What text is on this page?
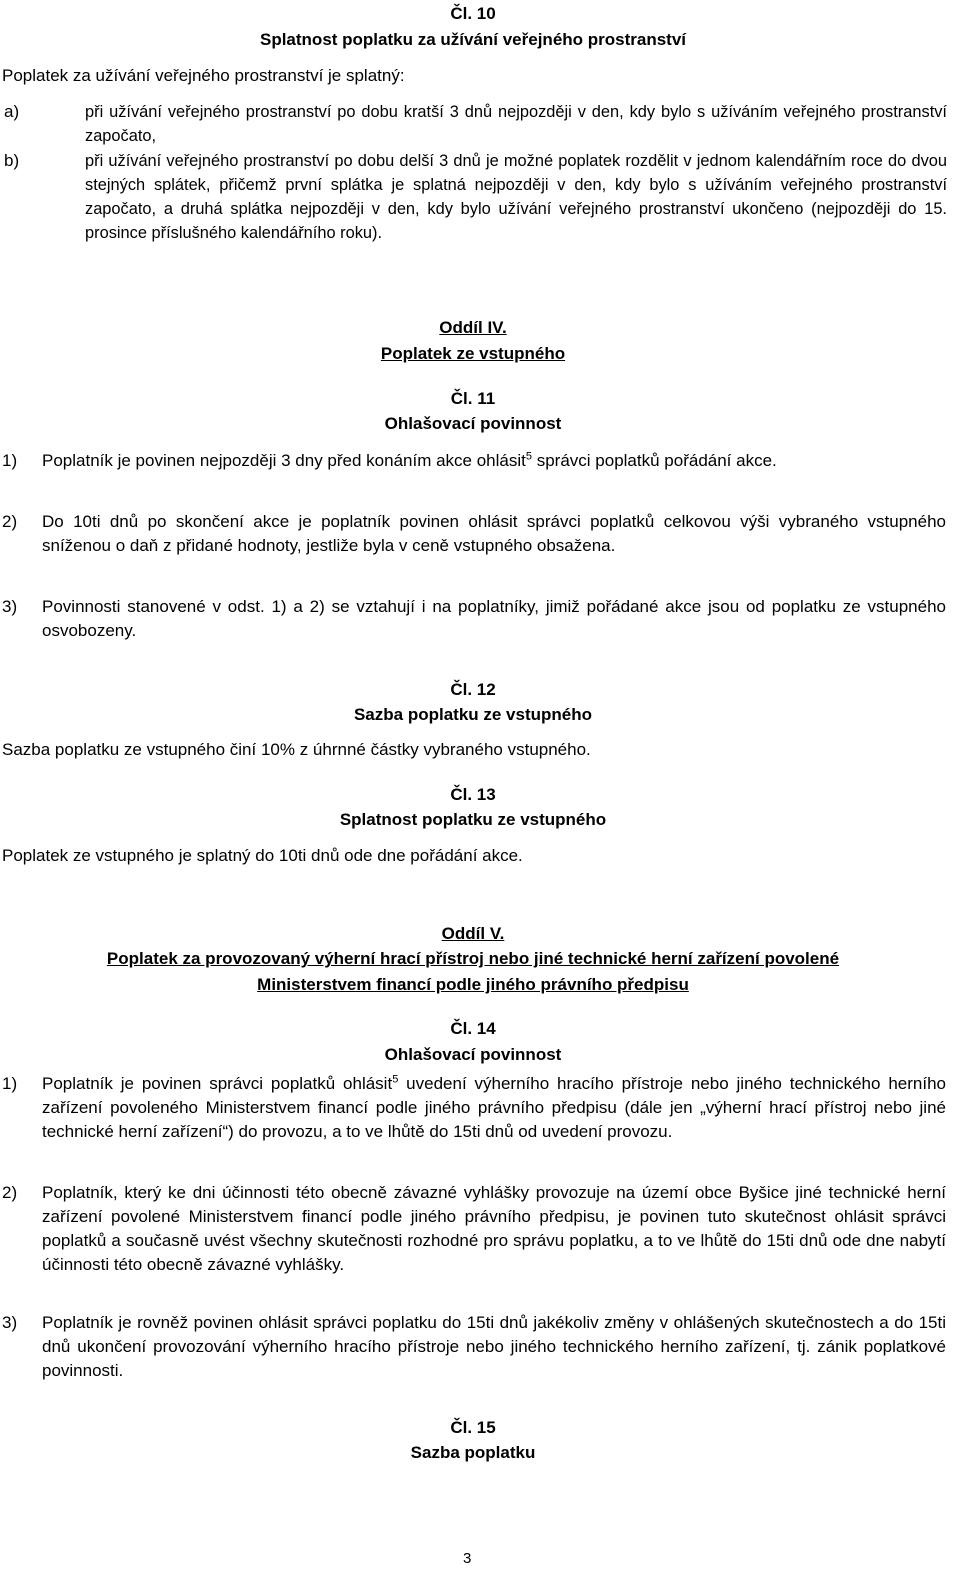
Čl. 10
Splatnost poplatku za užívání veřejného prostranství
Poplatek za užívání veřejného prostranství je splatný:
a)	při užívání veřejného prostranství po dobu kratší 3 dnů nejpozději v den, kdy bylo s užíváním veřejného prostranství započato,
b)	při užívání veřejného prostranství po dobu delší 3 dnů je možné poplatek rozdělit v jednom kalendářním roce do dvou stejných splátek, přičemž první splátka je splatná nejpozději v den, kdy bylo s užíváním veřejného prostranství započato, a druhá splátka nejpozději v den, kdy bylo užívání veřejného prostranství ukončeno (nejpozději do 15. prosince příslušného kalendářního roku).
Oddíl IV.
Poplatek ze vstupného
Čl. 11
Ohlašovací povinnost
1) Poplatník je povinen nejpozději 3 dny před konáním akce ohlásit$^5$ správci poplatků pořádání akce.
2) Do 10ti dnů po skončení akce je poplatník povinen ohlásit správci poplatků celkovou výši vybraného vstupného sníženou o daň z přidané hodnoty, jestliže byla v ceně vstupného obsažena.
3) Povinnosti stanovené v odst. 1) a 2) se vztahují i na poplatníky, jimiž pořádané akce jsou od poplatku ze vstupného osvobozeny.
Čl. 12
Sazba poplatku ze vstupného
Sazba poplatku ze vstupného činí 10% z úhrnné částky vybraného vstupného.
Čl. 13
Splatnost poplatku ze vstupného
Poplatek ze vstupného je splatný do 10ti dnů ode dne pořádání akce.
Oddíl V.
Poplatek za provozovaný výherní hrací přístroj nebo jiné technické herní zařízení povolené
Ministerstvem financí podle jiného právního předpisu
Čl. 14
Ohlašovací povinnost
1) Poplatník je povinen správci poplatků ohlásit$^5$ uvedení výherního hracího přístroje nebo jiného technického herního zařízení povoleného Ministerstvem financí podle jiného právního předpisu (dále jen „výherní hrací přístroj nebo jiné technické herní zařízení“) do provozu, a to ve lhůtě do 15ti dnů od uvedení provozu.
2) Poplatník, který ke dni účinnosti této obecně závazné vyhlášky provozuje na území obce Byšice jiné technické herní zařízení povolené Ministerstvem financí podle jiného právního předpisu, je povinen tuto skutečnost ohlásit správci poplatků a současně uvést všechny skutečnosti rozhodné pro správu poplatku, a to ve lhůtě do 15ti dnů ode dne nabytí účinnosti této obecně závazné vyhlášky.
3) Poplatník je rovněž povinen ohlásit správci poplatku do 15ti dnů jakékoliv změny v ohlášených skutečnostech a do 15ti dnů ukončení provozování výherního hracího přístroje nebo jiného technického herního zařízení, tj. zánik poplatkové povinnosti.
Čl. 15
Sazba poplatku
3
